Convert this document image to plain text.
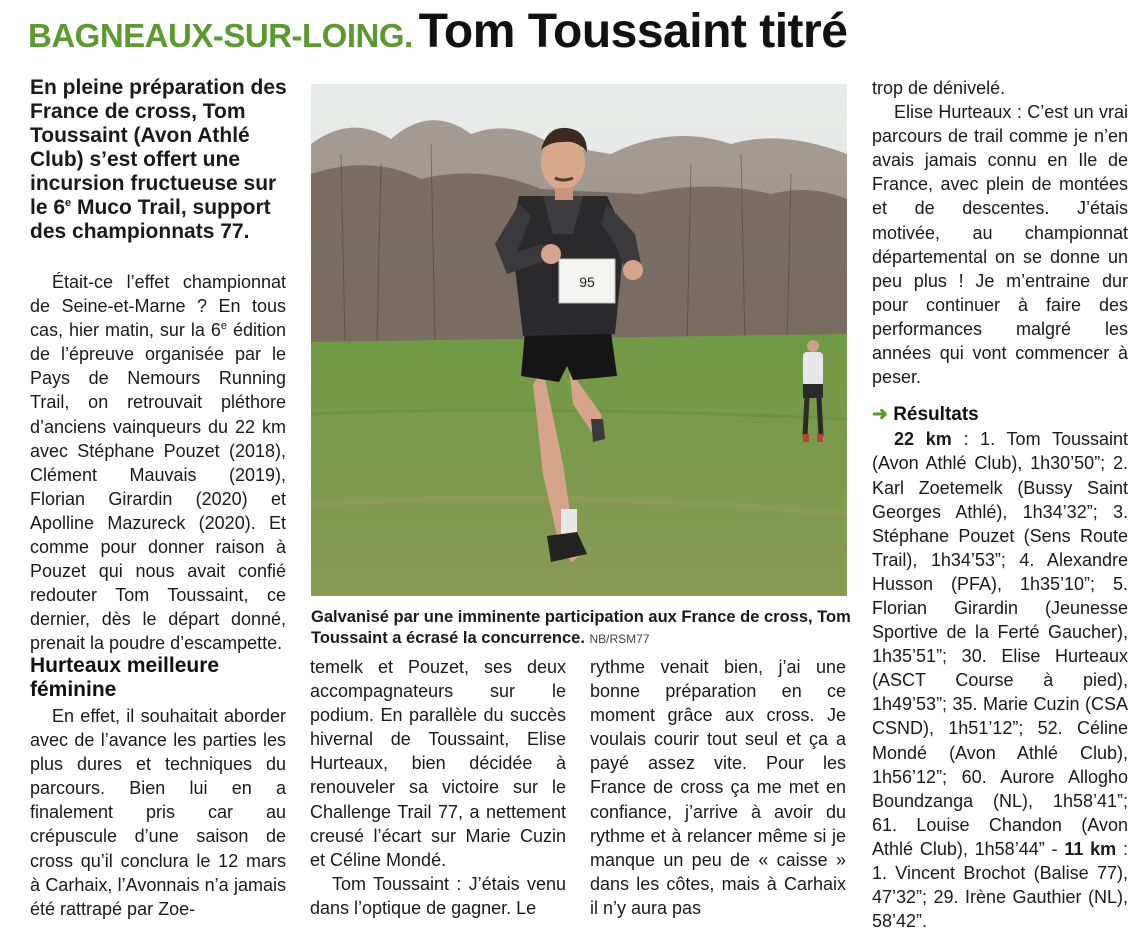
BAGNEAUX-SUR-LOING. Tom Toussaint titré
En pleine préparation des France de cross, Tom Toussaint (Avon Athlé Club) s’est offert une incursion fructueuse sur le 6e Muco Trail, support des championnats 77.

Était-ce l’effet championnat de Seine-et-Marne ? En tous cas, hier matin, sur la 6e édition de l’épreuve organisée par le Pays de Nemours Running Trail, on retrouvait pléthore d’anciens vainqueurs du 22 km avec Stéphane Pouzet (2018), Clément Mauvais (2019), Florian Girardin (2020) et Apolline Mazureck (2020). Et comme pour donner raison à Pouzet qui nous avait confié redouter Tom Toussaint, ce dernier, dès le départ donné, prenait la poudre d’escampette.

Hurteaux meilleure féminine

En effet, il souhaitait aborder avec de l’avance les parties les plus dures et techniques du parcours. Bien lui en a finalement pris car au crépuscule d’une saison de cross qu’il conclura le 12 mars à Carhaix, l’Avonnais n’a jamais été rattrapé par Zoe-

temelk et Pouzet, ses deux accompagnateurs sur le podium. En parallèle du succès hivernal de Toussaint, Elise Hurteaux, bien décidée à renouveler sa victoire sur le Challenge Trail 77, a nettement creusé l’écart sur Marie Cuzin et Céline Mondé.

Tom Toussaint : J’étais venu dans l’optique de gagner. Le

rythme venait bien, j’ai une bonne préparation en ce moment grâce aux cross. Je voulais courir tout seul et ça a payé assez vite. Pour les France de cross ça me met en confiance, j’arrive à avoir du rythme et à relancer même si je manque un peu de « caisse » dans les côtes, mais à Carhaix il n’y aura pas

trop de dénivelé.

Elise Hurteaux : C’est un vrai parcours de trail comme je n’en avais jamais connu en Ile de France, avec plein de montées et de descentes. J’étais motivée, au championnat départemental on se donne un peu plus ! Je m’entraine dur pour continuer à faire des performances malgré les années qui vont commencer à peser.

➜ Résultats

22 km : 1. Tom Toussaint (Avon Athlé Club), 1h30’50”; 2. Karl Zoetemelk (Bussy Saint Georges Athlé), 1h34’32”; 3. Stéphane Pouzet (Sens Route Trail), 1h34’53”; 4. Alexandre Husson (PFA), 1h35’10”; 5. Florian Girardin (Jeunesse Sportive de la Ferté Gaucher), 1h35’51”; 30. Elise Hurteaux (ASCT Course à pied), 1h49’53”; 35. Marie Cuzin (CSA CSND), 1h51’12”; 52. Céline Mondé (Avon Athlé Club), 1h56’12”; 60. Aurore Allogho Boundzanga (NL), 1h58’41”; 61. Louise Chandon (Avon Athlé Club), 1h58’44” - 11 km : 1. Vincent Brochot (Balise 77), 47’32”; 29. Irène Gauthier (NL), 58’42”.

95
Galvanisé par une imminente participation aux France de cross, Tom Toussaint a écrasé la concurrence. NB/RSM77
